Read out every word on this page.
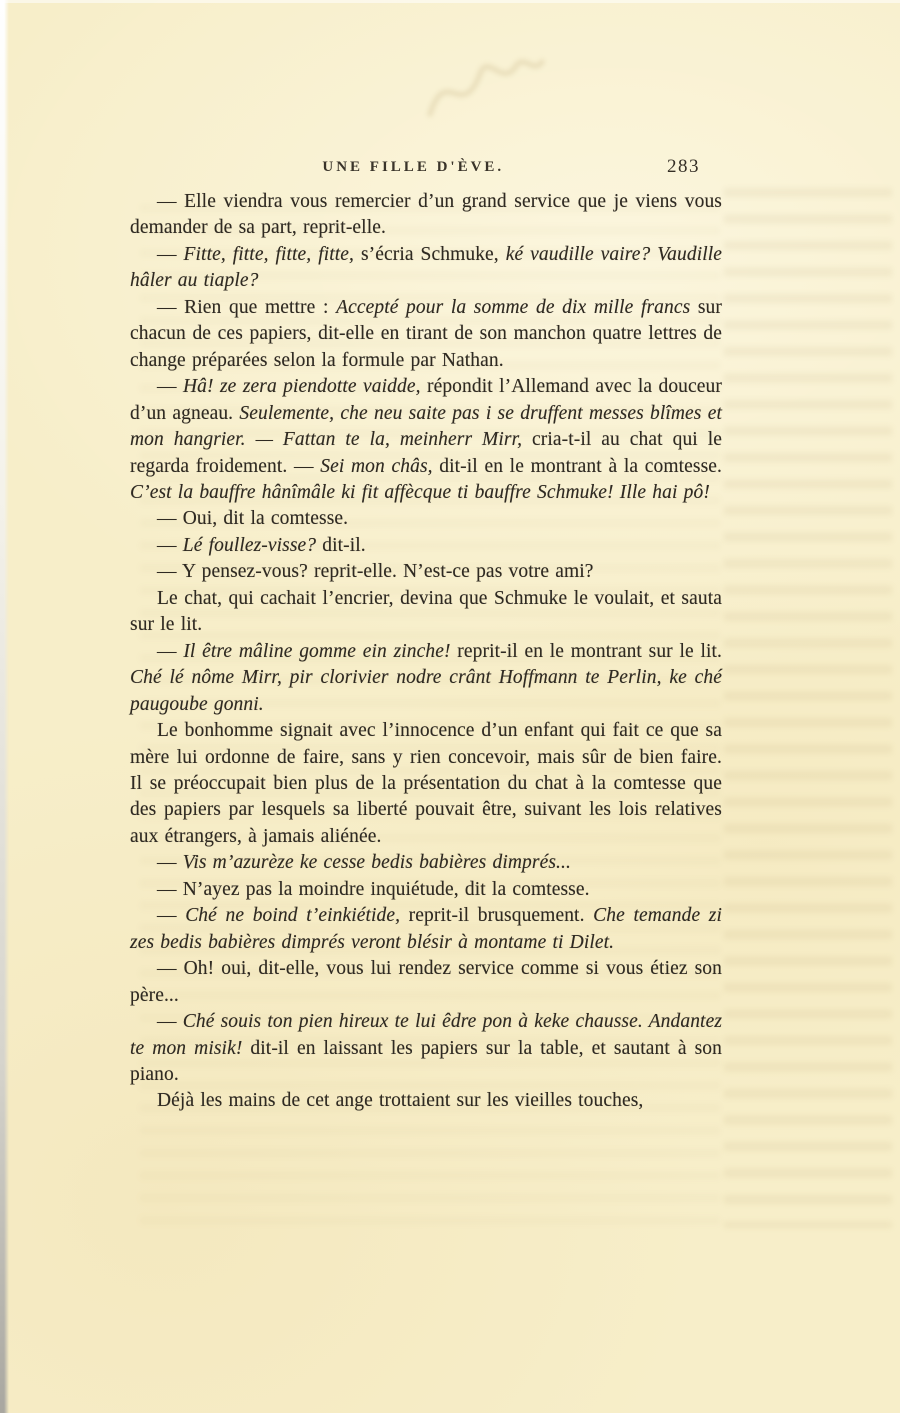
UNE FILLE D'ÈVE.	283

— Elle viendra vous remercier d’un grand service que je viens vous demander de sa part, reprit-elle.

— Fitte, fitte, fitte, fitte, s’écria Schmuke, ké vaudille vaire? Vaudille hâler au tiaple?

— Rien que mettre : Accepté pour la somme de dix mille francs sur chacun de ces papiers, dit-elle en tirant de son manchon quatre lettres de change préparées selon la formule par Nathan.

— Hâ! ze zera piendotte vaidde, répondit l’Allemand avec la douceur d’un agneau. Seulemente, che neu saite pas i se druffent messes blîmes et mon hangrier. — Fattan te la, meinherr Mirr, cria-t-il au chat qui le regarda froidement. — Sei mon châs, dit-il en le montrant à la comtesse. C’est la bauffre hânîmâle ki fit affècque ti bauffre Schmuke! Ille hai pô!

— Oui, dit la comtesse.

— Lé foullez-visse? dit-il.

— Y pensez-vous? reprit-elle. N’est-ce pas votre ami?

Le chat, qui cachait l’encrier, devina que Schmuke le voulait, et sauta sur le lit.

— Il être mâline gomme ein zinche! reprit-il en le montrant sur le lit. Ché lé nôme Mirr, pir clorivier nodre crânt Hoffmann te Perlin, ke ché paugoube gonni.

Le bonhomme signait avec l’innocence d’un enfant qui fait ce que sa mère lui ordonne de faire, sans y rien concevoir, mais sûr de bien faire. Il se préoccupait bien plus de la présentation du chat à la comtesse que des papiers par lesquels sa liberté pouvait être, suivant les lois relatives aux étrangers, à jamais aliénée.

— Vis m’azurèze ke cesse bedis babières dimprés...

— N’ayez pas la moindre inquiétude, dit la comtesse.

— Ché ne boind t’einkiétide, reprit-il brusquement. Che temande zi zes bedis babières dimprés veront blésir à montame ti Dilet.

— Oh! oui, dit-elle, vous lui rendez service comme si vous étiez son père...

— Ché souis ton pien hireux te lui êdre pon à keke chausse. Andantez te mon misik! dit-il en laissant les papiers sur la table, et sautant à son piano.

Déjà les mains de cet ange trottaient sur les vieilles touches,
